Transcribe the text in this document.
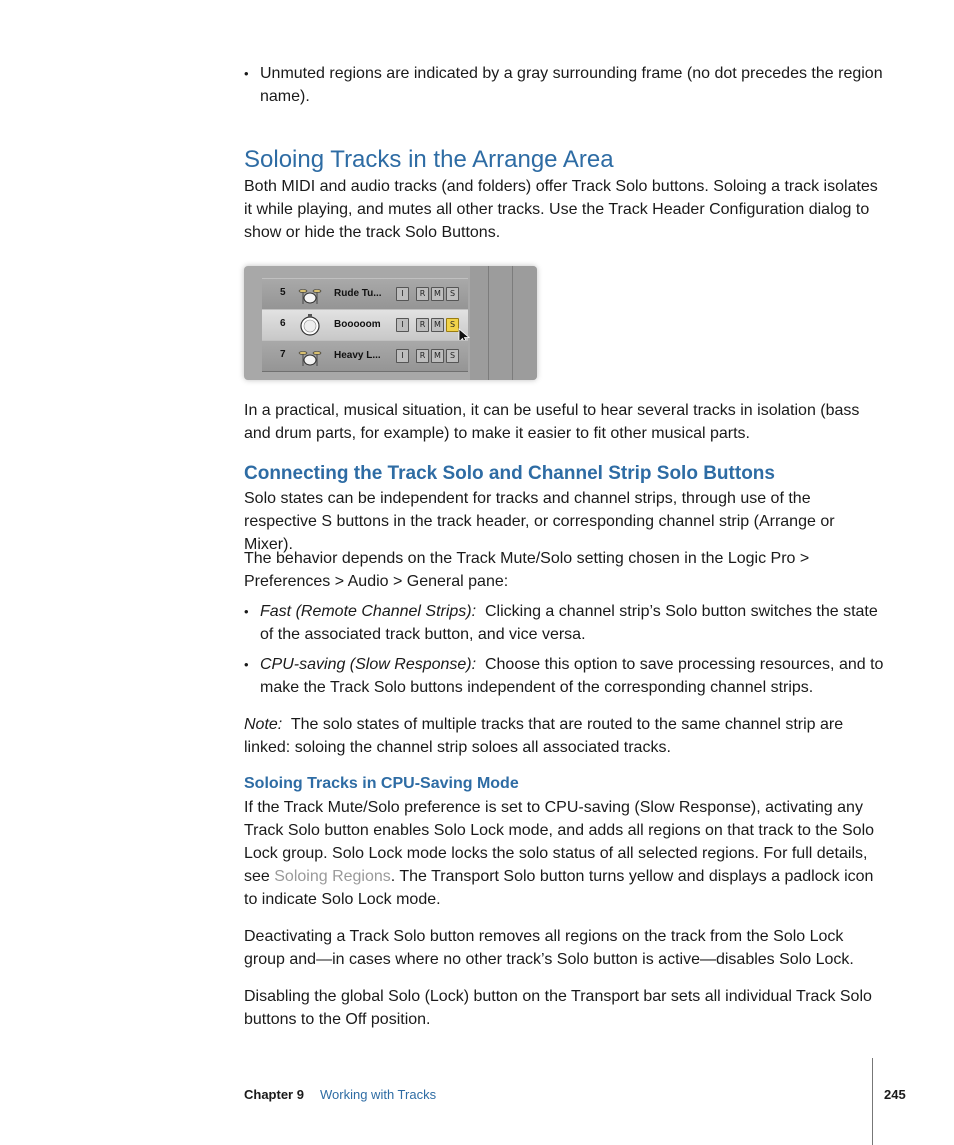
• Unmuted regions are indicated by a gray surrounding frame (no dot precedes the region name).

Soloing Tracks in the Arrange Area

Both MIDI and audio tracks (and folders) offer Track Solo buttons. Soloing a track isolates it while playing, and mutes all other tracks. Use the Track Header Configuration dialog to show or hide the track Solo Buttons.

5	Rude Tu...	I	R	M	S
6	Booooom	I	R	M	S
7	Heavy L...	I	R	M	S

In a practical, musical situation, it can be useful to hear several tracks in isolation (bass and drum parts, for example) to make it easier to fit other musical parts.

Connecting the Track Solo and Channel Strip Solo Buttons

Solo states can be independent for tracks and channel strips, through use of the respective S buttons in the track header, or corresponding channel strip (Arrange or Mixer).

The behavior depends on the Track Mute/Solo setting chosen in the Logic Pro > Preferences > Audio > General pane:

• Fast (Remote Channel Strips): Clicking a channel strip’s Solo button switches the state of the associated track button, and vice versa.

• CPU-saving (Slow Response): Choose this option to save processing resources, and to make the Track Solo buttons independent of the corresponding channel strips.

Note: The solo states of multiple tracks that are routed to the same channel strip are linked: soloing the channel strip soloes all associated tracks.

Soloing Tracks in CPU-Saving Mode

If the Track Mute/Solo preference is set to CPU-saving (Slow Response), activating any Track Solo button enables Solo Lock mode, and adds all regions on that track to the Solo Lock group. Solo Lock mode locks the solo status of all selected regions. For full details, see Soloing Regions. The Transport Solo button turns yellow and displays a padlock icon to indicate Solo Lock mode.

Deactivating a Track Solo button removes all regions on the track from the Solo Lock group and—in cases where no other track’s Solo button is active—disables Solo Lock.

Disabling the global Solo (Lock) button on the Transport bar sets all individual Track Solo buttons to the Off position.

Chapter 9 Working with Tracks	245
